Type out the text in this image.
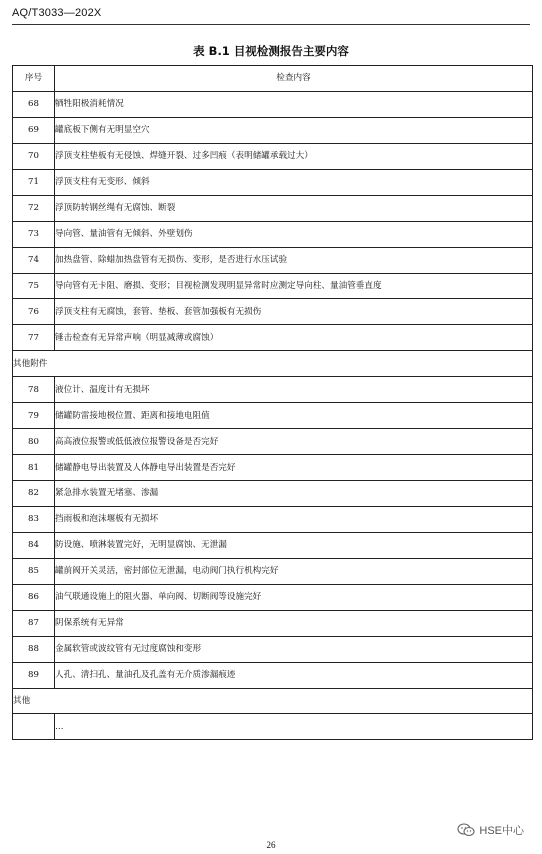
AQ/T3033—202X
表 B.1 目视检测报告主要内容
序号	检查内容
68	牺牲阳极消耗情况
69	罐底板下侧有无明显空穴
70	浮顶支柱垫板有无侵蚀、焊缝开裂、过多凹痕（表明储罐承载过大）
71	浮顶支柱有无变形、倾斜
72	浮顶防转钢丝绳有无腐蚀、断裂
73	导向管、量油管有无倾斜、外壁划伤
74	加热盘管、除蜡加热盘管有无损伤、变形，是否进行水压试验
75	导向管有无卡阻、磨损、变形；目视检测发现明显异常时应测定导向柱、量油管垂直度
76	浮顶支柱有无腐蚀，套管、垫板、套管加强板有无损伤
77	锤击检查有无异常声响（明显减薄或腐蚀）
其他附件	
78	液位计、温度计有无损坏
79	储罐防雷接地极位置、距离和接地电阻值
80	高高液位报警或低低液位报警设备是否完好
81	储罐静电导出装置及人体静电导出装置是否完好
82	紧急排水装置无堵塞、渗漏
83	挡雨板和泡沫堰板有无损坏
84	防设施、喷淋装置完好，无明显腐蚀、无泄漏
85	罐前阀开关灵活，密封部位无泄漏，电动阀门执行机构完好
86	油气联通设施上的阻火器、单向阀、切断阀等设施完好
87	阴保系统有无异常
88	金属软管或波纹管有无过度腐蚀和变形
89	人孔、清扫孔、量油孔及孔盖有无介质渗漏痕迹
其他	
	…
26
HSE中心
